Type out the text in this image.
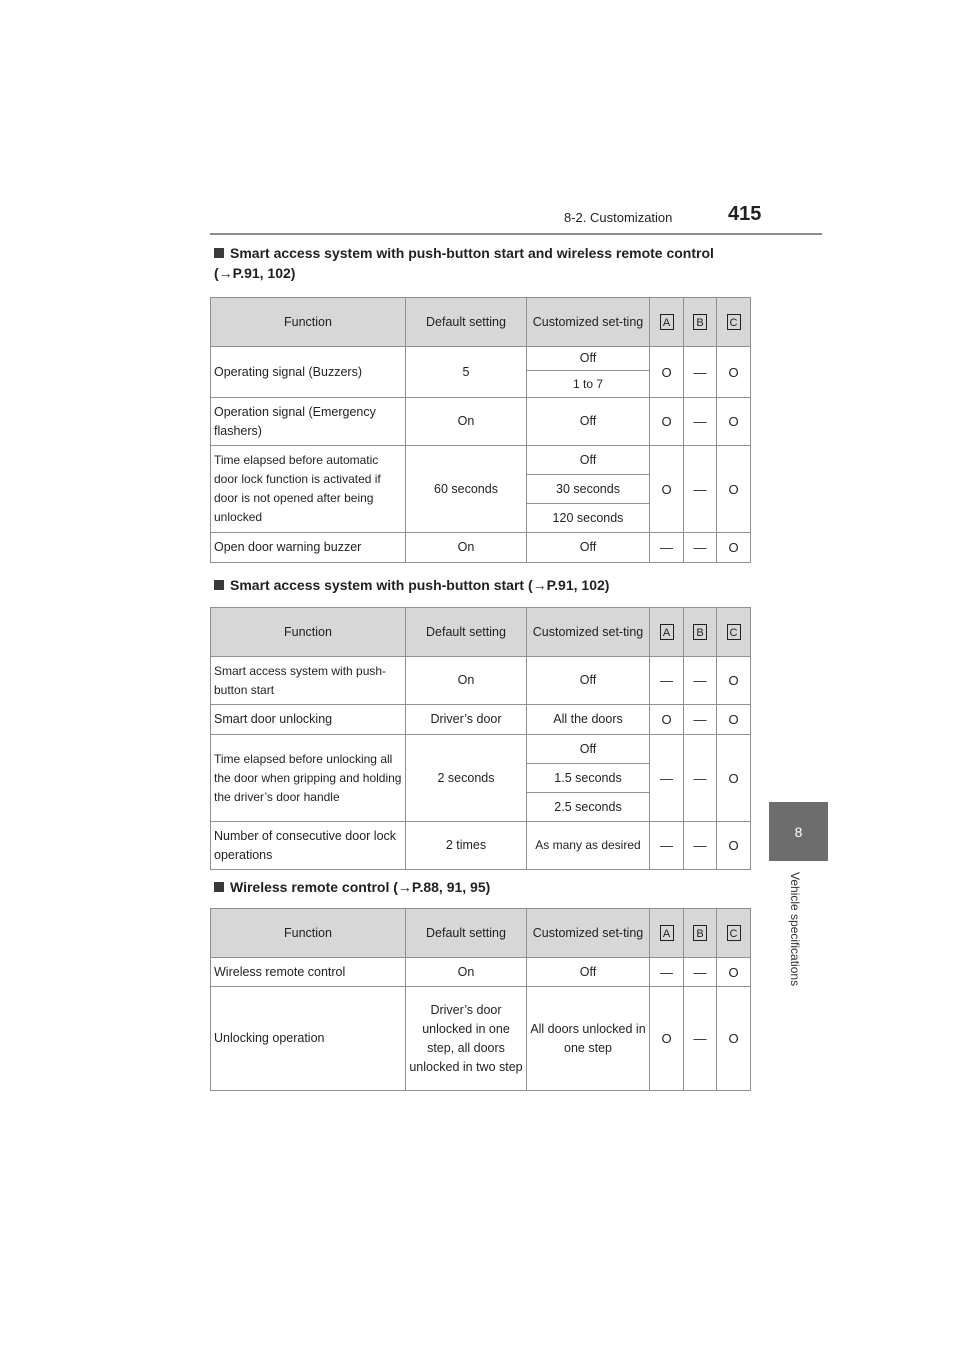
8-2. Customization	415
8
Vehicle specifications
Smart access system with push-button start and wireless remote control
(→P.91, 102)
Function	Default setting	Customized set-ting	A	B	C
Operating signal (Buzzers)	5	Off	O	—	O
		1 to 7			
Operation signal (Emergency flashers)	On	Off	O	—	O
Time elapsed before automatic door lock function is activated if door is not opened after being unlocked	60 seconds	Off	O	—	O
		30 seconds			
		120 seconds			
Open door warning buzzer	On	Off	—	—	O
Smart access system with push-button start (→P.91, 102)
Function	Default setting	Customized set-ting	A	B	C
Smart access system with push-button start	On	Off	—	—	O
Smart door unlocking	Driver’s door	All the doors	O	—	O
Time elapsed before unlocking all the door when gripping and holding the driver’s door handle	2 seconds	Off	—	—	O
		1.5 seconds			
		2.5 seconds			
Number of consecutive door lock operations	2 times	As many as desired	—	—	O
Wireless remote control (→P.88, 91, 95)
Function	Default setting	Customized set-ting	A	B	C
Wireless remote control	On	Off	—	—	O
Unlocking operation	Driver’s door unlocked in one step, all doors unlocked in two step	All doors unlocked in one step	O	—	O
